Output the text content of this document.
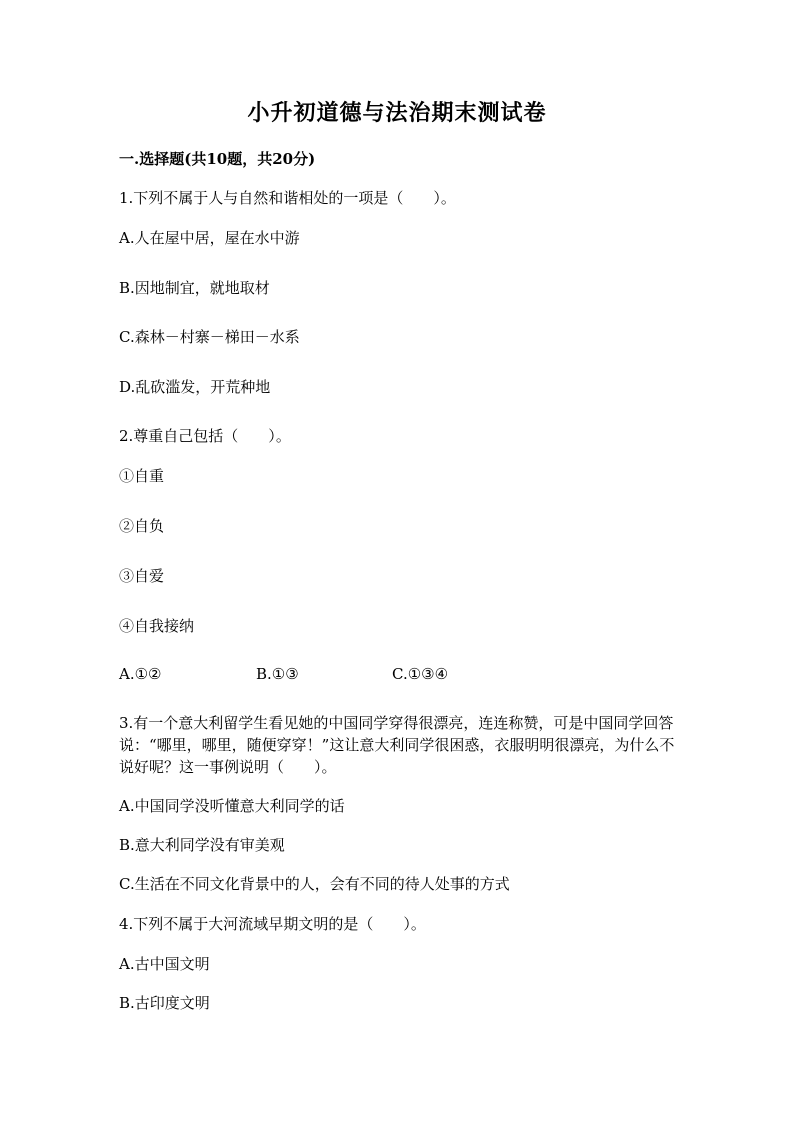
小升初道德与法治期末测试卷
一.选择题(共10题，共20分)
1.下列不属于人与自然和谐相处的一项是（　　）。
A.人在屋中居，屋在水中游
B.因地制宜，就地取材
C.森林－村寨－梯田－水系
D.乱砍滥发，开荒种地
2.尊重自己包括（　　）。
①自重
②自负
③自爱
④自我接纳
A.①②	B.①③	C.①③④
3.有一个意大利留学生看见她的中国同学穿得很漂亮，连连称赞，可是中国同学回答说：“哪里，哪里，随便穿穿！”这让意大利同学很困惑，衣服明明很漂亮，为什么不说好呢？这一事例说明（　　）。
A.中国同学没听懂意大利同学的话
B.意大利同学没有审美观
C.生活在不同文化背景中的人，会有不同的待人处事的方式
4.下列不属于大河流域早期文明的是（　　）。
A.古中国文明
B.古印度文明
